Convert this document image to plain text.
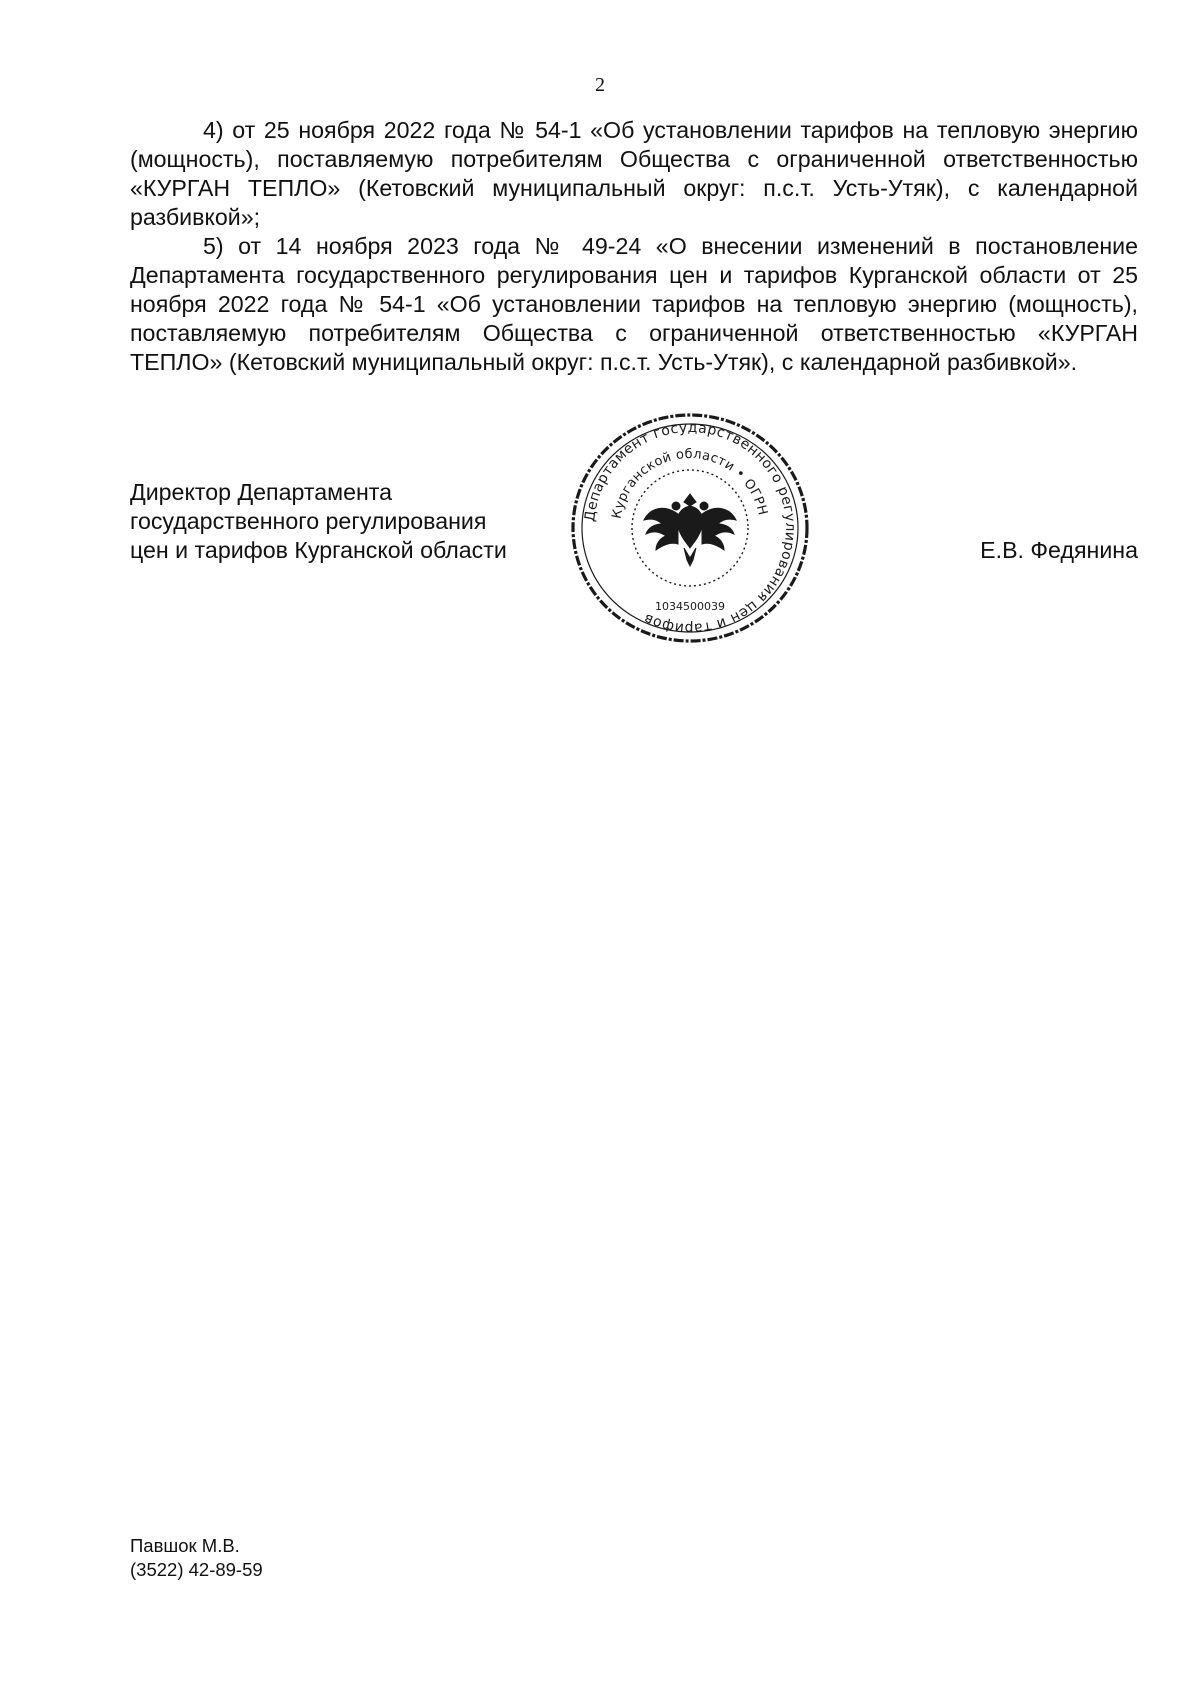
2

4) от 25 ноября 2022 года № 54-1 «Об установлении тарифов на тепловую энергию (мощность), поставляемую потребителям Общества с ограниченной ответственностью «КУРГАН ТЕПЛО» (Кетовский муниципальный округ: п.с.т. Усть-Утяк), с календарной разбивкой»;

5) от 14 ноября 2023 года № 49-24 «О внесении изменений в постановление Департамента государственного регулирования цен и тарифов Курганской области от 25 ноября 2022 года № 54-1 «Об установлении тарифов на тепловую энергию (мощность), поставляемую потребителям Общества с ограниченной ответственностью «КУРГАН ТЕПЛО» (Кетовский муниципальный округ: п.с.т. Усть-Утяк), с календарной разбивкой».

Директор Департамента
государственного регулирования
цен и тарифов Курганской области
Департамент государственного регулирования цен и тарифов
Курганской области • ОГРН
1034500039
Е.В. Федянина
Павшок М.В.
(3522) 42-89-59
